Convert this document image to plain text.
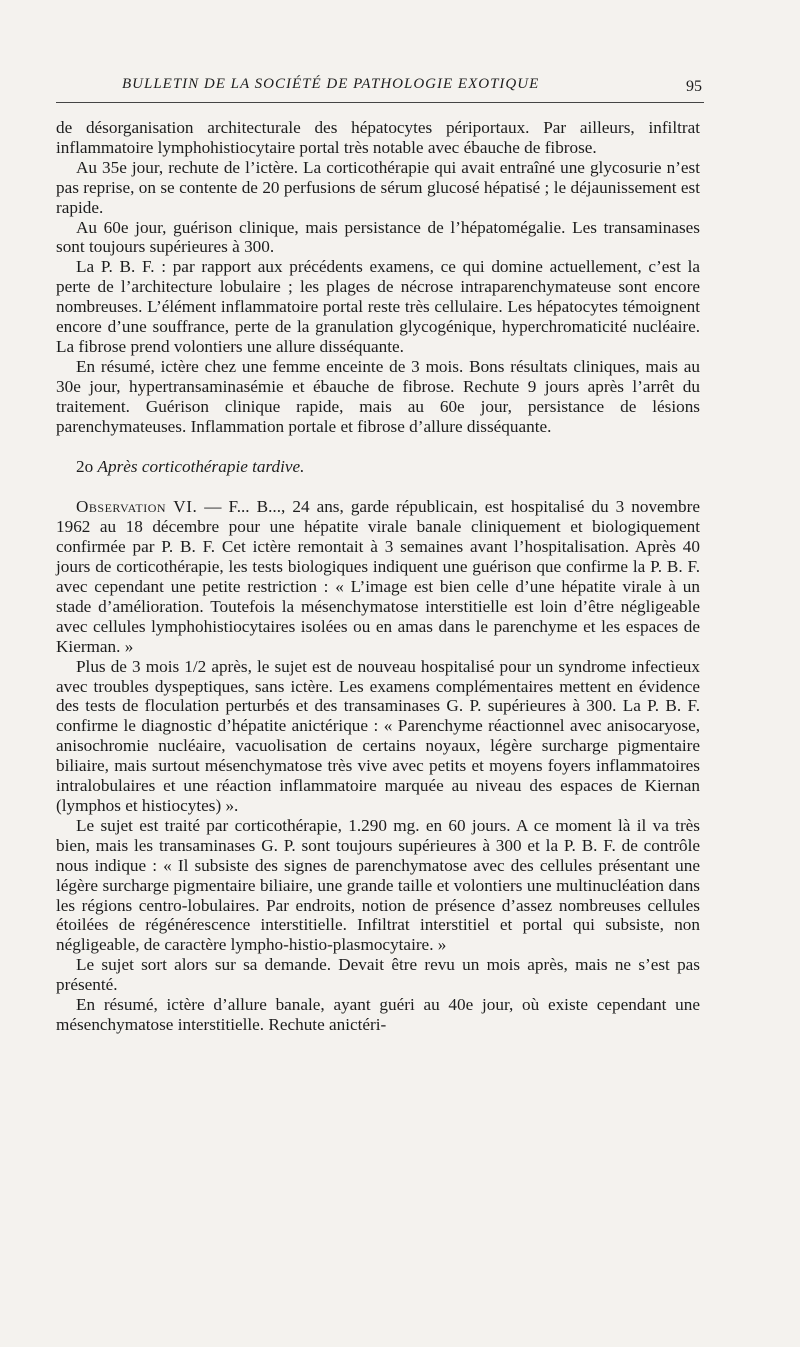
BULLETIN DE LA SOCIÉTÉ DE PATHOLOGIE EXOTIQUE	95

de désorganisation architecturale des hépatocytes périportaux. Par ailleurs, infiltrat inflammatoire lymphohistiocytaire portal très notable avec ébauche de fibrose.

Au 35e jour, rechute de l’ictère. La corticothérapie qui avait entraîné une glycosurie n’est pas reprise, on se contente de 20 perfusions de sérum glucosé hépatisé ; le déjaunissement est rapide.

Au 60e jour, guérison clinique, mais persistance de l’hépatomégalie. Les transaminases sont toujours supérieures à 300.

La P. B. F. : par rapport aux précédents examens, ce qui domine actuellement, c’est la perte de l’architecture lobulaire ; les plages de nécrose intraparenchymateuse sont encore nombreuses. L’élément inflammatoire portal reste très cellulaire. Les hépatocytes témoignent encore d’une souffrance, perte de la granulation glycogénique, hyperchromaticité nucléaire. La fibrose prend volontiers une allure disséquante.

En résumé, ictère chez une femme enceinte de 3 mois. Bons résultats cliniques, mais au 30e jour, hypertransaminasémie et ébauche de fibrose. Rechute 9 jours après l’arrêt du traitement. Guérison clinique rapide, mais au 60e jour, persistance de lésions parenchymateuses. Inflammation portale et fibrose d’allure disséquante.

2o Après corticothérapie tardive.

Observation VI. — F... B..., 24 ans, garde républicain, est hospitalisé du 3 novembre 1962 au 18 décembre pour une hépatite virale banale cliniquement et biologiquement confirmée par P. B. F. Cet ictère remontait à 3 semaines avant l’hospitalisation. Après 40 jours de corticothérapie, les tests biologiques indiquent une guérison que confirme la P. B. F. avec cependant une petite restriction : « L’image est bien celle d’une hépatite virale à un stade d’amélioration. Toutefois la mésenchymatose interstitielle est loin d’être négligeable avec cellules lymphohistiocytaires isolées ou en amas dans le parenchyme et les espaces de Kierman. »

Plus de 3 mois 1/2 après, le sujet est de nouveau hospitalisé pour un syndrome infectieux avec troubles dyspeptiques, sans ictère. Les examens complémentaires mettent en évidence des tests de floculation perturbés et des transaminases G. P. supérieures à 300. La P. B. F. confirme le diagnostic d’hépatite anictérique : « Parenchyme réactionnel avec anisocaryose, anisochromie nucléaire, vacuolisation de certains noyaux, légère surcharge pigmentaire biliaire, mais surtout mésenchymatose très vive avec petits et moyens foyers inflammatoires intralobulaires et une réaction inflammatoire marquée au niveau des espaces de Kiernan (lymphos et histiocytes) ».

Le sujet est traité par corticothérapie, 1.290 mg. en 60 jours. A ce moment là il va très bien, mais les transaminases G. P. sont toujours supérieures à 300 et la P. B. F. de contrôle nous indique : « Il subsiste des signes de parenchymatose avec des cellules présentant une légère surcharge pigmentaire biliaire, une grande taille et volontiers une multinucléation dans les régions centro-lobulaires. Par endroits, notion de présence d’assez nombreuses cellules étoilées de régénérescence interstitielle. Infiltrat interstitiel et portal qui subsiste, non négligeable, de caractère lympho-histio-plasmocytaire. »

Le sujet sort alors sur sa demande. Devait être revu un mois après, mais ne s’est pas présenté.

En résumé, ictère d’allure banale, ayant guéri au 40e jour, où existe cependant une mésenchymatose interstitielle. Rechute anictéri-
